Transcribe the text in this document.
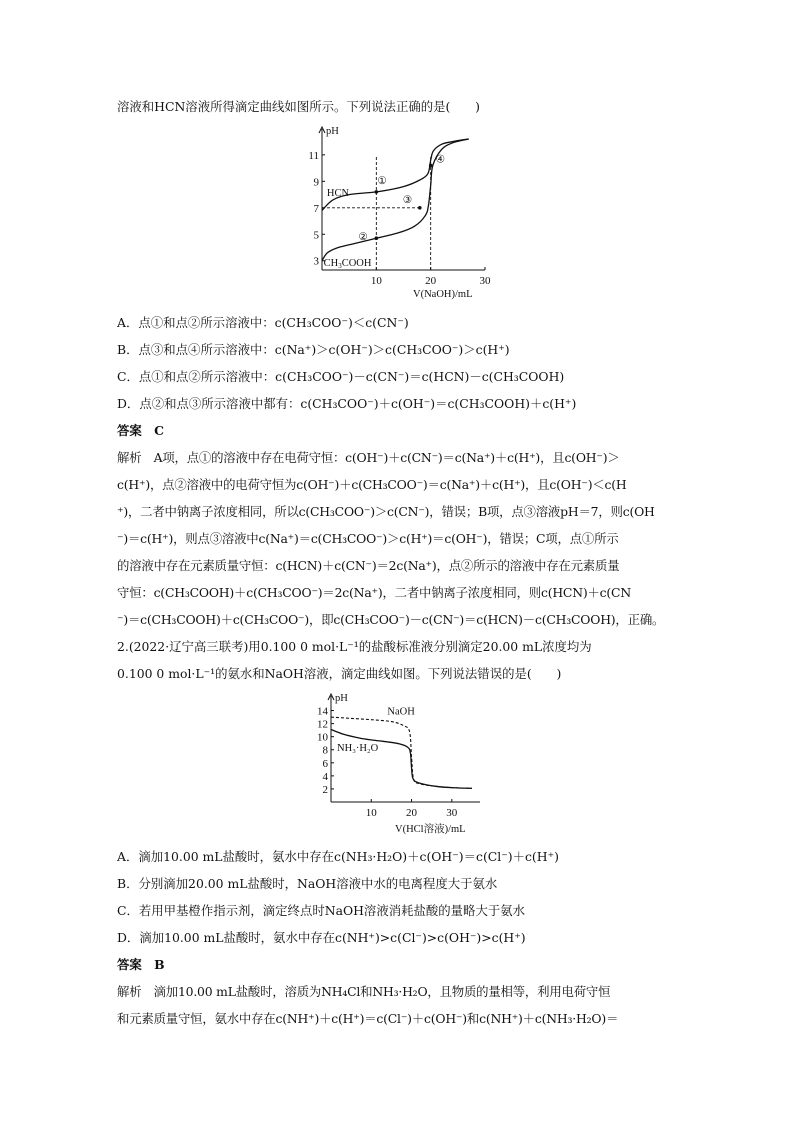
溶液和HCN溶液所得滴定曲线如图所示。下列说法正确的是(　　)
pH
V(NaOH)/mL
3
5
7
9
11
10	20	30
HCN
CH3COOH
①
②
③
④
A．点①和点②所示溶液中：c(CH₃COO⁻)＜c(CN⁻)
B．点③和点④所示溶液中：c(Na⁺)＞c(OH⁻)＞c(CH₃COO⁻)＞c(H⁺)
C．点①和点②所示溶液中：c(CH₃COO⁻)－c(CN⁻)＝c(HCN)－c(CH₃COOH)
D．点②和点③所示溶液中都有：c(CH₃COO⁻)＋c(OH⁻)＝c(CH₃COOH)＋c(H⁺)
答案　C
解析　A项，点①的溶液中存在电荷守恒：c(OH⁻)＋c(CN⁻)＝c(Na⁺)＋c(H⁺)，且c(OH⁻)＞
c(H⁺)，点②溶液中的电荷守恒为c(OH⁻)＋c(CH₃COO⁻)＝c(Na⁺)＋c(H⁺)，且c(OH⁻)＜c(H
⁺)，二者中钠离子浓度相同，所以c(CH₃COO⁻)＞c(CN⁻)，错误；B项，点③溶液pH＝7，则c(OH
⁻)＝c(H⁺)，则点③溶液中c(Na⁺)＝c(CH₃COO⁻)＞c(H⁺)＝c(OH⁻)，错误；C项，点①所示
的溶液中存在元素质量守恒：c(HCN)＋c(CN⁻)＝2c(Na⁺)，点②所示的溶液中存在元素质量
守恒：c(CH₃COOH)＋c(CH₃COO⁻)＝2c(Na⁺)，二者中钠离子浓度相同，则c(HCN)＋c(CN
⁻)＝c(CH₃COOH)＋c(CH₃COO⁻)，即c(CH₃COO⁻)－c(CN⁻)＝c(HCN)－c(CH₃COOH)，正确。
2.(2022·辽宁高三联考)用0.100 0 mol·L⁻¹的盐酸标准液分别滴定20.00 mL浓度均为
0.100 0 mol·L⁻¹的氨水和NaOH溶液，滴定曲线如图。下列说法错误的是(　　)
pH
V(HCl溶液)/mL
2
4
6
8
10
12
14
10	20	30
NaOH
NH₃·H₂O
A．滴加10.00 mL盐酸时，氨水中存在c(NH₃·H₂O)＋c(OH⁻)＝c(Cl⁻)＋c(H⁺)
B．分别滴加20.00 mL盐酸时，NaOH溶液中水的电离程度大于氨水
C．若用甲基橙作指示剂，滴定终点时NaOH溶液消耗盐酸的量略大于氨水
D．滴加10.00 mL盐酸时，氨水中存在c(NH⁺)>c(Cl⁻)>c(OH⁻)>c(H⁺)
答案　B
解析　滴加10.00 mL盐酸时，溶质为NH₄Cl和NH₃·H₂O，且物质的量相等，利用电荷守恒
和元素质量守恒，氨水中存在c(NH⁺)＋c(H⁺)＝c(Cl⁻)＋c(OH⁻)和c(NH⁺)＋c(NH₃·H₂O)＝
